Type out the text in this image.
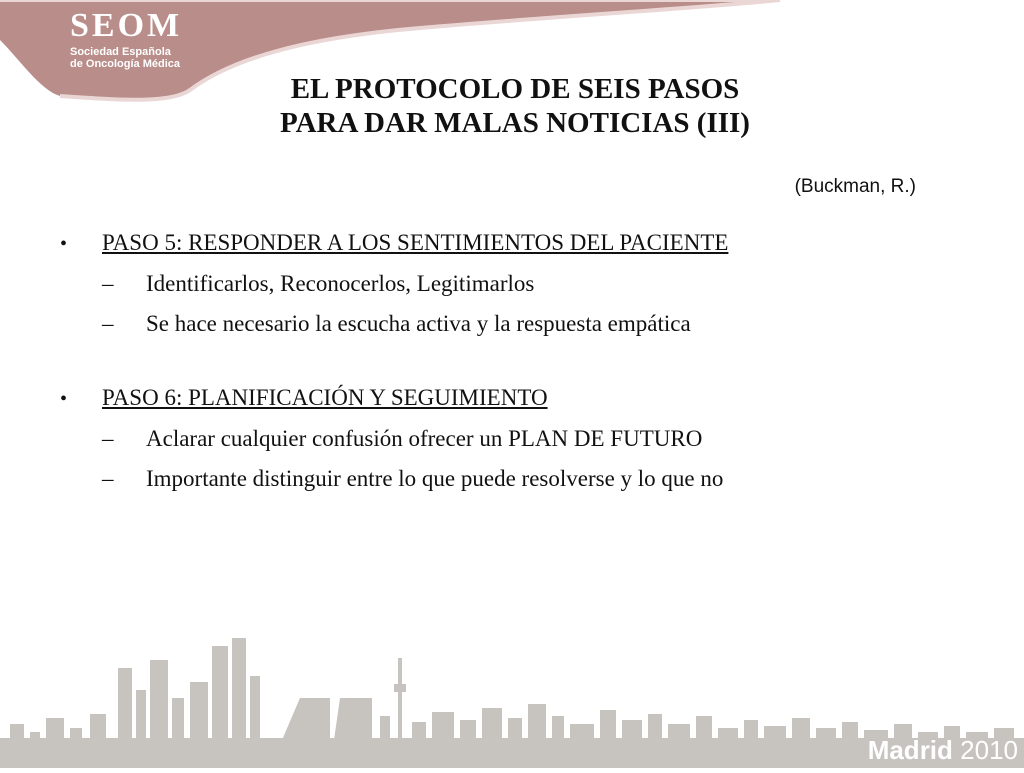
SEOM
Sociedad Española
de Oncología Médica
EL PROTOCOLO DE SEIS PASOS
PARA DAR MALAS NOTICIAS (III)
(Buckman, R.)
•	PASO 5: RESPONDER A LOS SENTIMIENTOS DEL PACIENTE
–	Identificarlos, Reconocerlos, Legitimarlos
–	Se hace necesario la escucha activa y la respuesta empática
•	PASO 6: PLANIFICACIÓN Y SEGUIMIENTO
–	Aclarar cualquier confusión ofrecer un PLAN DE FUTURO
–	Importante distinguir entre lo que puede resolverse y lo que no
Madrid 2010
